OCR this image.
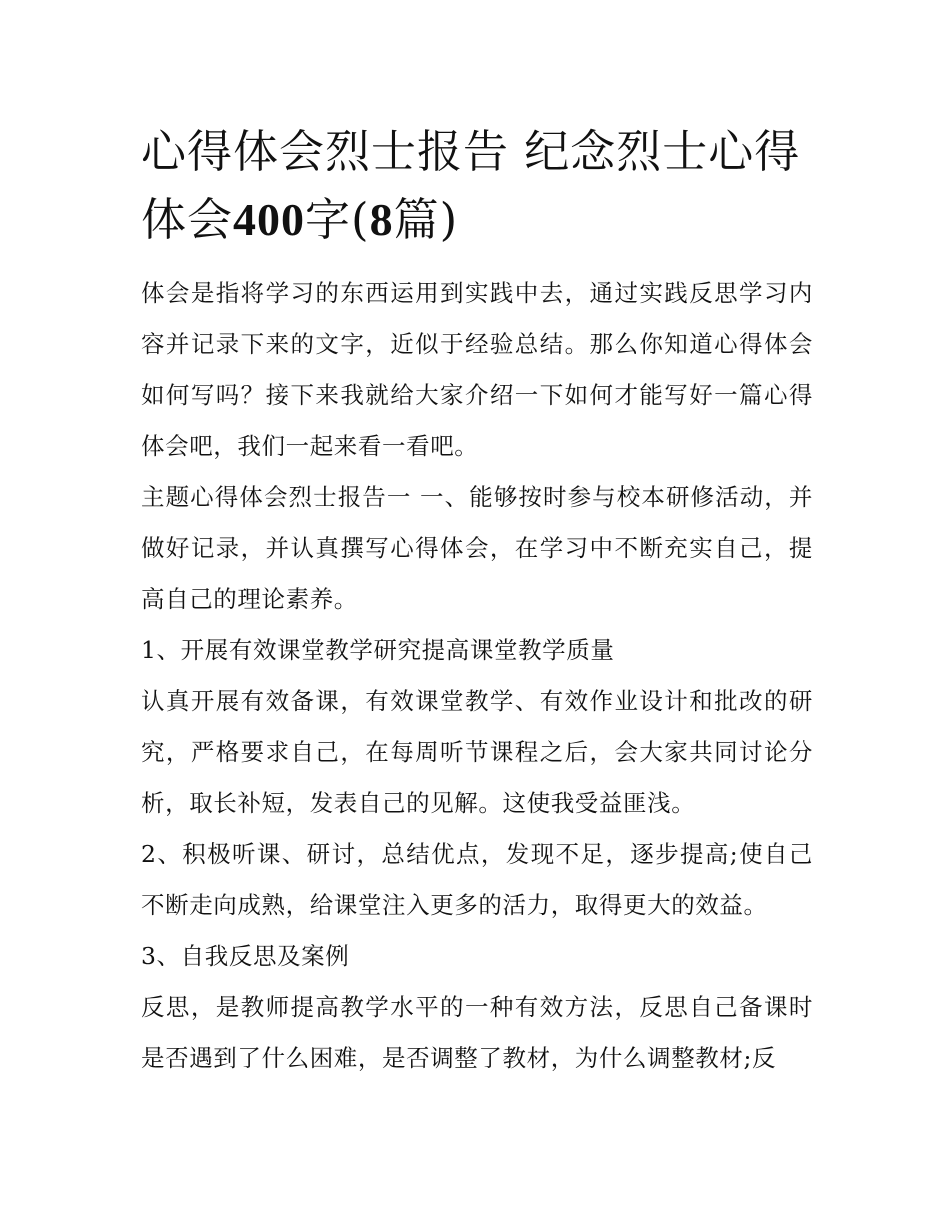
心得体会烈士报告 纪念烈士心得体会400字(8篇)

体会是指将学习的东西运用到实践中去，通过实践反思学习内容并记录下来的文字，近似于经验总结。那么你知道心得体会如何写吗？接下来我就给大家介绍一下如何才能写好一篇心得体会吧，我们一起来看一看吧。

主题心得体会烈士报告一 一、能够按时参与校本研修活动，并做好记录，并认真撰写心得体会，在学习中不断充实自己，提高自己的理论素养。

1、开展有效课堂教学研究提高课堂教学质量

认真开展有效备课，有效课堂教学、有效作业设计和批改的研究，严格要求自己，在每周听节课程之后，会大家共同讨论分析，取长补短，发表自己的见解。这使我受益匪浅。

2、积极听课、研讨，总结优点，发现不足，逐步提高;使自己不断走向成熟，给课堂注入更多的活力，取得更大的效益。

3、自我反思及案例

反思，是教师提高教学水平的一种有效方法，反思自己备课时是否遇到了什么困难，是否调整了教材，为什么调整教材;反
